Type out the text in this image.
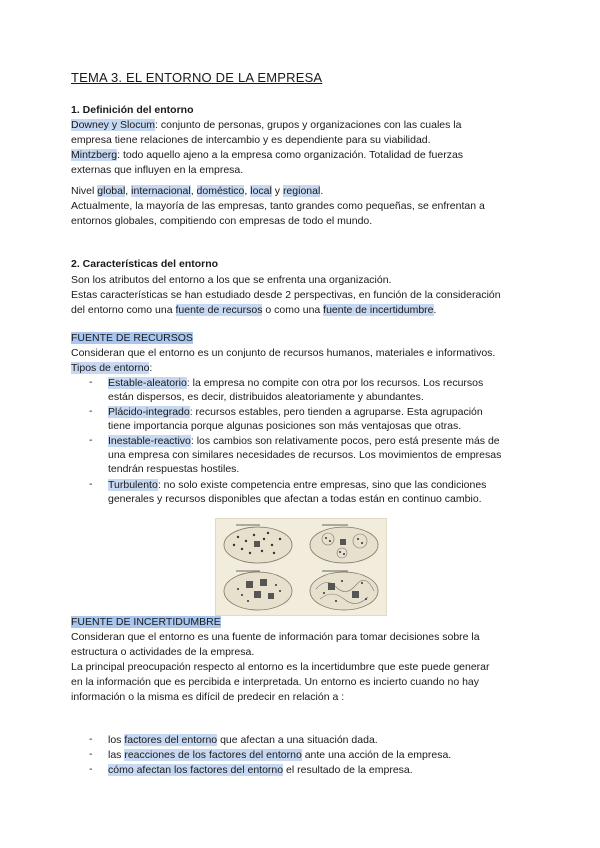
TEMA 3. EL ENTORNO DE LA EMPRESA
1. Definición del entorno
Downey y Slocum: conjunto de personas, grupos y organizaciones con las cuales la
empresa tiene relaciones de intercambio y es dependiente para su viabilidad.
Mintzberg: todo aquello ajeno a la empresa como organización. Totalidad de fuerzas
externas que influyen en la empresa.
Nivel global, internacional, doméstico, local y regional.
Actualmente, la mayoría de las empresas, tanto grandes como pequeñas, se enfrentan a
entornos globales, compitiendo con empresas de todo el mundo.
2. Características del entorno
Son los atributos del entorno a los que se enfrenta una organización.
Estas características se han estudiado desde 2 perspectivas, en función de la consideración
del entorno como una fuente de recursos o como una fuente de incertidumbre.
FUENTE DE RECURSOS
Consideran que el entorno es un conjunto de recursos humanos, materiales e informativos.
Tipos de entorno:
- Estable-aleatorio: la empresa no compite con otra por los recursos. Los recursos
están dispersos, es decir, distribuidos aleatoriamente y abundantes.
- Plácido-integrado: recursos estables, pero tienden a agruparse. Esta agrupación
tiene importancia porque algunas posiciones son más ventajosas que otras.
- Inestable-reactivo: los cambios son relativamente pocos, pero está presente más de
una empresa con similares necesidades de recursos. Los movimientos de empresas
tendrán respuestas hostiles.
- Turbulento: no solo existe competencia entre empresas, sino que las condiciones
generales y recursos disponibles que afectan a todas están en continuo cambio.
FUENTE DE INCERTIDUMBRE
Consideran que el entorno es una fuente de información para tomar decisiones sobre la
estructura o actividades de la empresa.
La principal preocupación respecto al entorno es la incertidumbre que este puede generar
en la información que es percibida e interpretada. Un entorno es incierto cuando no hay
información o la misma es difícil de predecir en relación a :
- los factores del entorno que afectan a una situación dada.
- las reacciones de los factores del entorno ante una acción de la empresa.
- cómo afectan los factores del entorno el resultado de la empresa.
